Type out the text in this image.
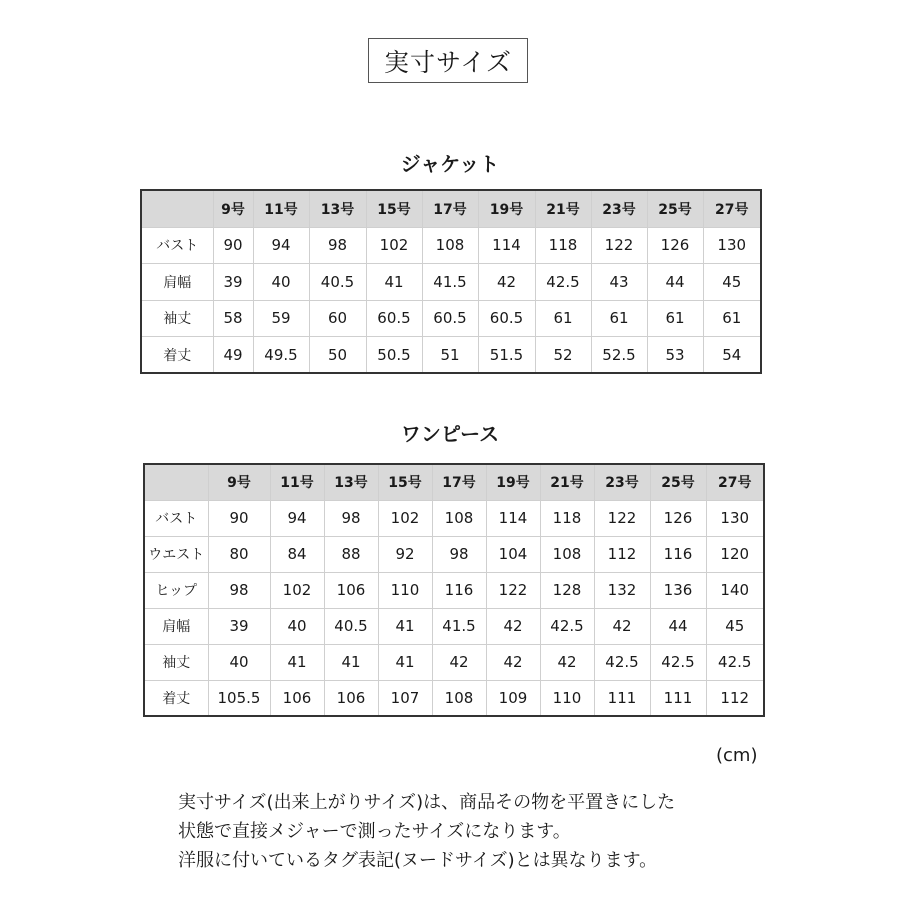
実寸サイズ
ジャケット
	9号	11号	13号	15号	17号	19号	21号	23号	25号	27号
バスト	90	94	98	102	108	114	118	122	126	130
肩幅	39	40	40.5	41	41.5	42	42.5	43	44	45
袖丈	58	59	60	60.5	60.5	60.5	61	61	61	61
着丈	49	49.5	50	50.5	51	51.5	52	52.5	53	54
ワンピース
	9号	11号	13号	15号	17号	19号	21号	23号	25号	27号
バスト	90	94	98	102	108	114	118	122	126	130
ウエスト	80	84	88	92	98	104	108	112	116	120
ヒップ	98	102	106	110	116	122	128	132	136	140
肩幅	39	40	40.5	41	41.5	42	42.5	42	44	45
袖丈	40	41	41	41	42	42	42	42.5	42.5	42.5
着丈	105.5	106	106	107	108	109	110	111	111	112
(cm)
実寸サイズ(出来上がりサイズ)は、商品その物を平置きにした
状態で直接メジャーで測ったサイズになります。
洋服に付いているタグ表記(ヌードサイズ)とは異なります。
